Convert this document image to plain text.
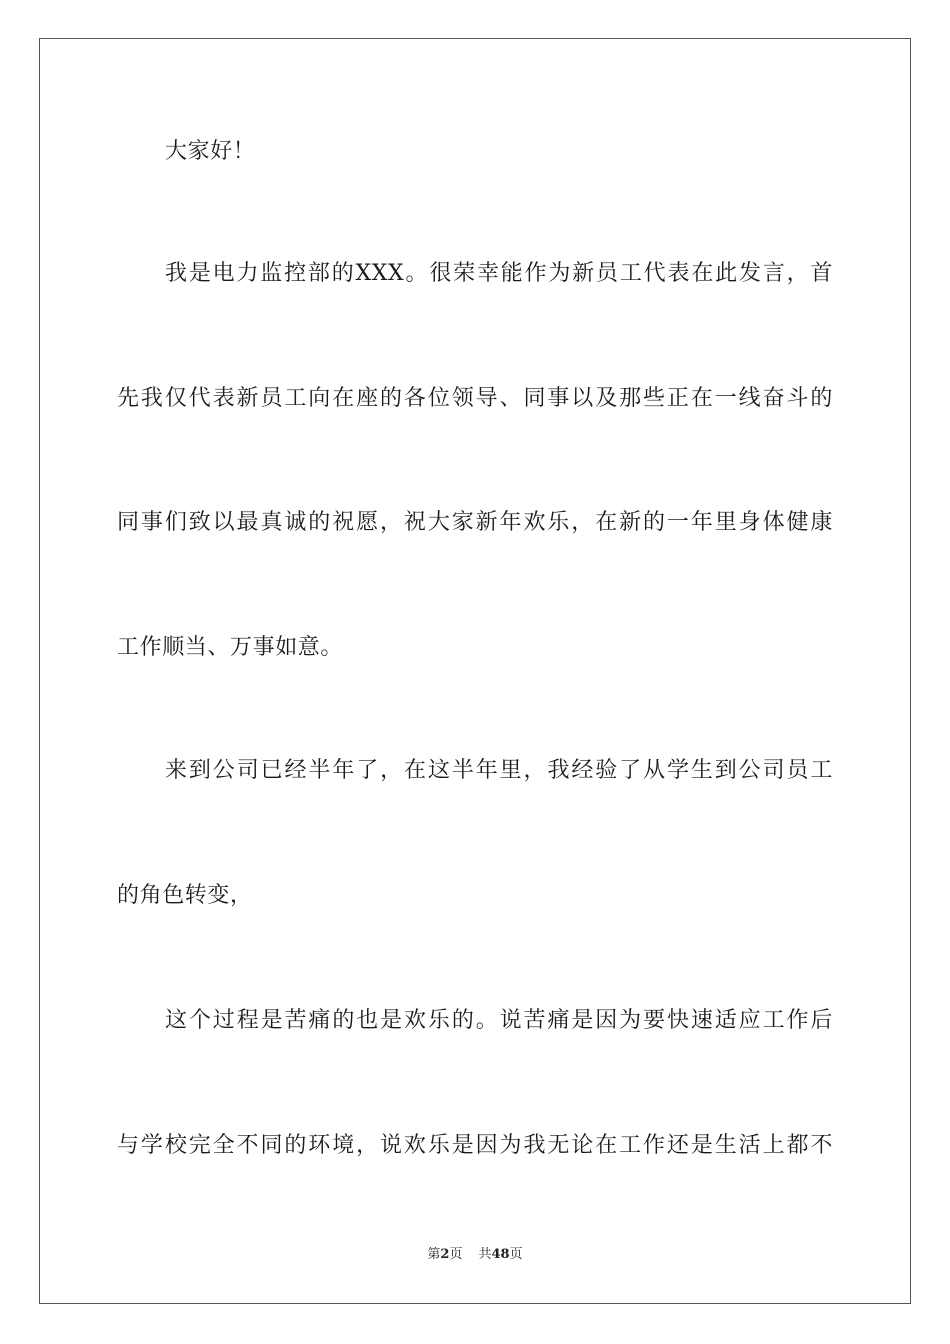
大家好！
我是电力监控部的XXX。很荣幸能作为新员工代表在此发言，首
先我仅代表新员工向在座的各位领导、同事以及那些正在一线奋斗的
同事们致以最真诚的祝愿，祝大家新年欢乐，在新的一年里身体健康
工作顺当、万事如意。
来到公司已经半年了，在这半年里，我经验了从学生到公司员工
的角色转变，
这个过程是苦痛的也是欢乐的。说苦痛是因为要快速适应工作后
与学校完全不同的环境，说欢乐是因为我无论在工作还是生活上都不
第2页 共48页
